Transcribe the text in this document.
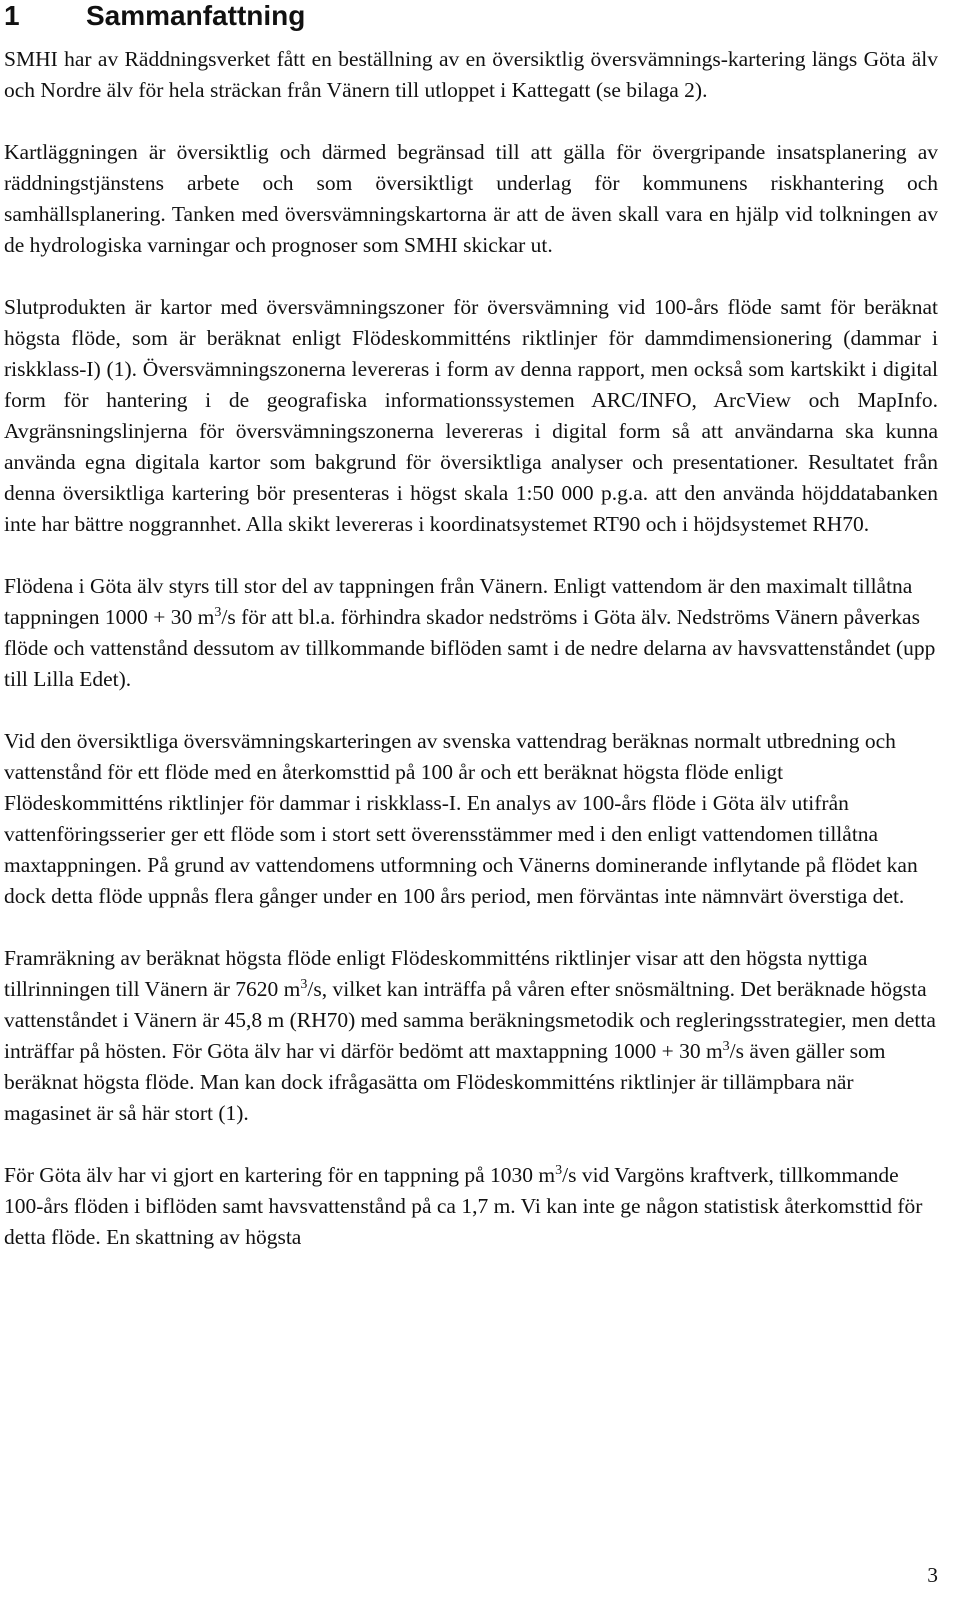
1	Sammanfattning

SMHI har av Räddningsverket fått en beställning av en översiktlig översvämnings-kartering längs Göta älv och Nordre älv för hela sträckan från Vänern till utloppet i Kattegatt (se bilaga 2).

Kartläggningen är översiktlig och därmed begränsad till att gälla för övergripande insatsplanering av räddningstjänstens arbete och som översiktligt underlag för kommunens riskhantering och samhällsplanering. Tanken med översvämningskartorna är att de även skall vara en hjälp vid tolkningen av de hydrologiska varningar och prognoser som SMHI skickar ut.

Slutprodukten är kartor med översvämningszoner för översvämning vid 100-års flöde samt för beräknat högsta flöde, som är beräknat enligt Flödeskommitténs riktlinjer för dammdimensionering (dammar i riskklass-I) (1). Översvämningszonerna levereras i form av denna rapport, men också som kartskikt i digital form för hantering i de geografiska informationssystemen ARC/INFO, ArcView och MapInfo. Avgränsningslinjerna för översvämningszonerna levereras i digital form så att användarna ska kunna använda egna digitala kartor som bakgrund för översiktliga analyser och presentationer. Resultatet från denna översiktliga kartering bör presenteras i högst skala 1:50 000 p.g.a. att den använda höjddatabanken inte har bättre noggrannhet. Alla skikt levereras i koordinatsystemet RT90 och i höjdsystemet RH70.

Flödena i Göta älv styrs till stor del av tappningen från Vänern. Enligt vattendom är den maximalt tillåtna tappningen 1000 + 30 $m^3/s$ för att bl.a. förhindra skador nedströms i Göta älv. Nedströms Vänern påverkas flöde och vattenstånd dessutom av tillkommande biflöden samt i de nedre delarna av havsvattenståndet (upp till Lilla Edet).

Vid den översiktliga översvämningskarteringen av svenska vattendrag beräknas normalt utbredning och vattenstånd för ett flöde med en återkomsttid på 100 år och ett beräknat högsta flöde enligt Flödeskommitténs riktlinjer för dammar i riskklass-I. En analys av 100-års flöde i Göta älv utifrån vattenföringsserier ger ett flöde som i stort sett överensstämmer med i den enligt vattendomen tillåtna maxtappningen. På grund av vattendomens utformning och Vänerns dominerande inflytande på flödet kan dock detta flöde uppnås flera gånger under en 100 års period, men förväntas inte nämnvärt överstiga det.

Framräkning av beräknat högsta flöde enligt Flödeskommitténs riktlinjer visar att den högsta nyttiga tillrinningen till Vänern är 7620 $m^3/s$, vilket kan inträffa på våren efter snösmältning. Det beräknade högsta vattenståndet i Vänern är 45,8 m (RH70) med samma beräkningsmetodik och regleringsstrategier, men detta inträffar på hösten. För Göta älv har vi därför bedömt att maxtappning 1000 + 30 $m^3/s$ även gäller som beräknat högsta flöde. Man kan dock ifrågasätta om Flödeskommitténs riktlinjer är tillämpbara när magasinet är så här stort (1).

För Göta älv har vi gjort en kartering för en tappning på 1030 $m^3/s$ vid Vargöns kraftverk, tillkommande 100-års flöden i biflöden samt havsvattenstånd på ca 1,7 m. Vi kan inte ge någon statistisk återkomsttid för detta flöde. En skattning av högsta

3
